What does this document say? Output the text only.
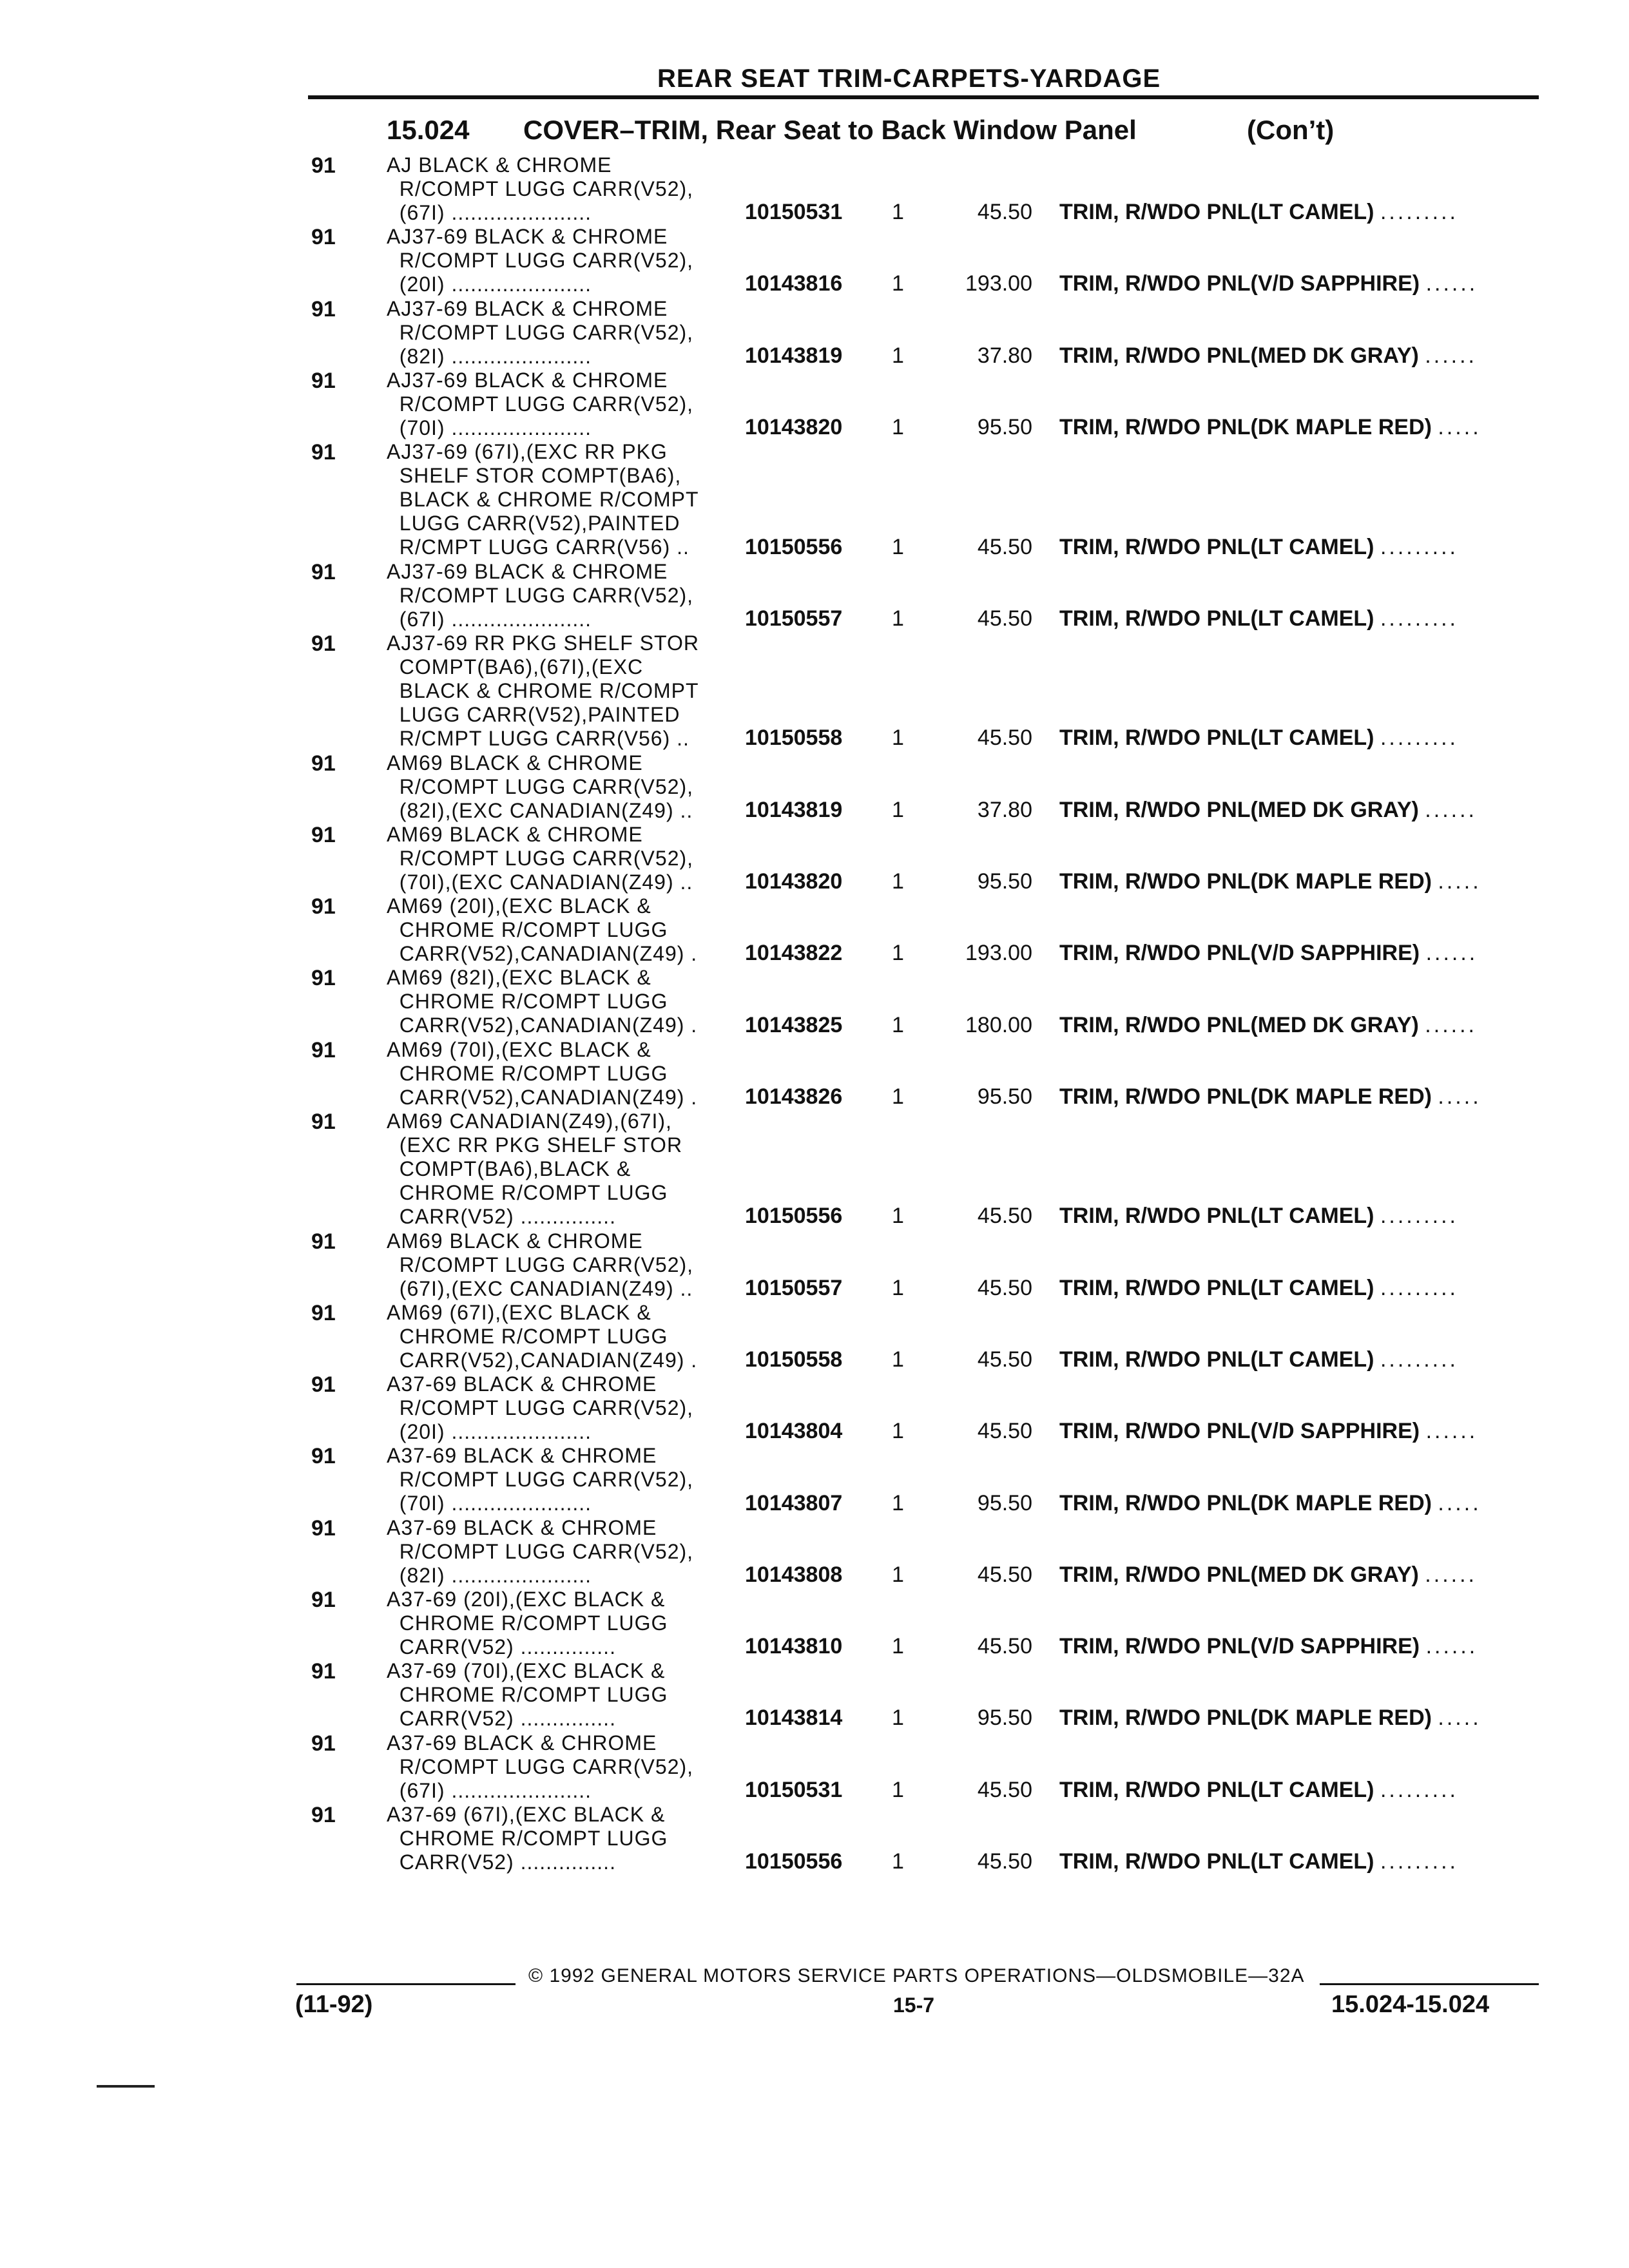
REAR SEAT TRIM-CARPETS-YARDAGE
15.024 COVER–TRIM, Rear Seat to Back Window Panel	(Con’t)
91 AJ BLACK & CHROME
R/COMPT LUGG CARR(V52),
(67I) ......................	10150531 1	45.50 TRIM, R/WDO PNL(LT CAMEL) .........
91 AJ37-69 BLACK & CHROME
R/COMPT LUGG CARR(V52),
(20I) ......................	10143816 1	193.00 TRIM, R/WDO PNL(V/D SAPPHIRE) ......
91 AJ37-69 BLACK & CHROME
R/COMPT LUGG CARR(V52),
(82I) ......................	10143819 1	37.80 TRIM, R/WDO PNL(MED DK GRAY) ......
91 AJ37-69 BLACK & CHROME
R/COMPT LUGG CARR(V52),
(70I) ......................	10143820 1	95.50 TRIM, R/WDO PNL(DK MAPLE RED) .....
91 AJ37-69 (67I),(EXC RR PKG
SHELF STOR COMPT(BA6),
BLACK & CHROME R/COMPT
LUGG CARR(V52),PAINTED
R/CMPT LUGG CARR(V56) ..	10150556 1	45.50 TRIM, R/WDO PNL(LT CAMEL) .........
91 AJ37-69 BLACK & CHROME
R/COMPT LUGG CARR(V52),
(67I) ......................	10150557 1	45.50 TRIM, R/WDO PNL(LT CAMEL) .........
91 AJ37-69 RR PKG SHELF STOR
COMPT(BA6),(67I),(EXC
BLACK & CHROME R/COMPT
LUGG CARR(V52),PAINTED
R/CMPT LUGG CARR(V56) ..	10150558 1	45.50 TRIM, R/WDO PNL(LT CAMEL) .........
91 AM69 BLACK & CHROME
R/COMPT LUGG CARR(V52),
(82I),(EXC CANADIAN(Z49) ..	10143819 1	37.80 TRIM, R/WDO PNL(MED DK GRAY) ......
91 AM69 BLACK & CHROME
R/COMPT LUGG CARR(V52),
(70I),(EXC CANADIAN(Z49) ..	10143820 1	95.50 TRIM, R/WDO PNL(DK MAPLE RED) .....
91 AM69 (20I),(EXC BLACK &
CHROME R/COMPT LUGG
CARR(V52),CANADIAN(Z49) .	10143822 1	193.00 TRIM, R/WDO PNL(V/D SAPPHIRE) ......
91 AM69 (82I),(EXC BLACK &
CHROME R/COMPT LUGG
CARR(V52),CANADIAN(Z49) .	10143825 1	180.00 TRIM, R/WDO PNL(MED DK GRAY) ......
91 AM69 (70I),(EXC BLACK &
CHROME R/COMPT LUGG
CARR(V52),CANADIAN(Z49) .	10143826 1	95.50 TRIM, R/WDO PNL(DK MAPLE RED) .....
91 AM69 CANADIAN(Z49),(67I),
(EXC RR PKG SHELF STOR
COMPT(BA6),BLACK &
CHROME R/COMPT LUGG
CARR(V52) ...............	10150556 1	45.50 TRIM, R/WDO PNL(LT CAMEL) .........
91 AM69 BLACK & CHROME
R/COMPT LUGG CARR(V52),
(67I),(EXC CANADIAN(Z49) ..	10150557 1	45.50 TRIM, R/WDO PNL(LT CAMEL) .........
91 AM69 (67I),(EXC BLACK &
CHROME R/COMPT LUGG
CARR(V52),CANADIAN(Z49) .	10150558 1	45.50 TRIM, R/WDO PNL(LT CAMEL) .........
91 A37-69 BLACK & CHROME
R/COMPT LUGG CARR(V52),
(20I) ......................	10143804 1	45.50 TRIM, R/WDO PNL(V/D SAPPHIRE) ......
91 A37-69 BLACK & CHROME
R/COMPT LUGG CARR(V52),
(70I) ......................	10143807 1	95.50 TRIM, R/WDO PNL(DK MAPLE RED) .....
91 A37-69 BLACK & CHROME
R/COMPT LUGG CARR(V52),
(82I) ......................	10143808 1	45.50 TRIM, R/WDO PNL(MED DK GRAY) ......
91 A37-69 (20I),(EXC BLACK &
CHROME R/COMPT LUGG
CARR(V52) ...............	10143810 1	45.50 TRIM, R/WDO PNL(V/D SAPPHIRE) ......
91 A37-69 (70I),(EXC BLACK &
CHROME R/COMPT LUGG
CARR(V52) ...............	10143814 1	95.50 TRIM, R/WDO PNL(DK MAPLE RED) .....
91 A37-69 BLACK & CHROME
R/COMPT LUGG CARR(V52),
(67I) ......................	10150531 1	45.50 TRIM, R/WDO PNL(LT CAMEL) .........
91 A37-69 (67I),(EXC BLACK &
CHROME R/COMPT LUGG
CARR(V52) ...............	10150556 1	45.50 TRIM, R/WDO PNL(LT CAMEL) .........
© 1992 GENERAL MOTORS SERVICE PARTS OPERATIONS—OLDSMOBILE—32A
(11-92)	15-7	15.024-15.024
